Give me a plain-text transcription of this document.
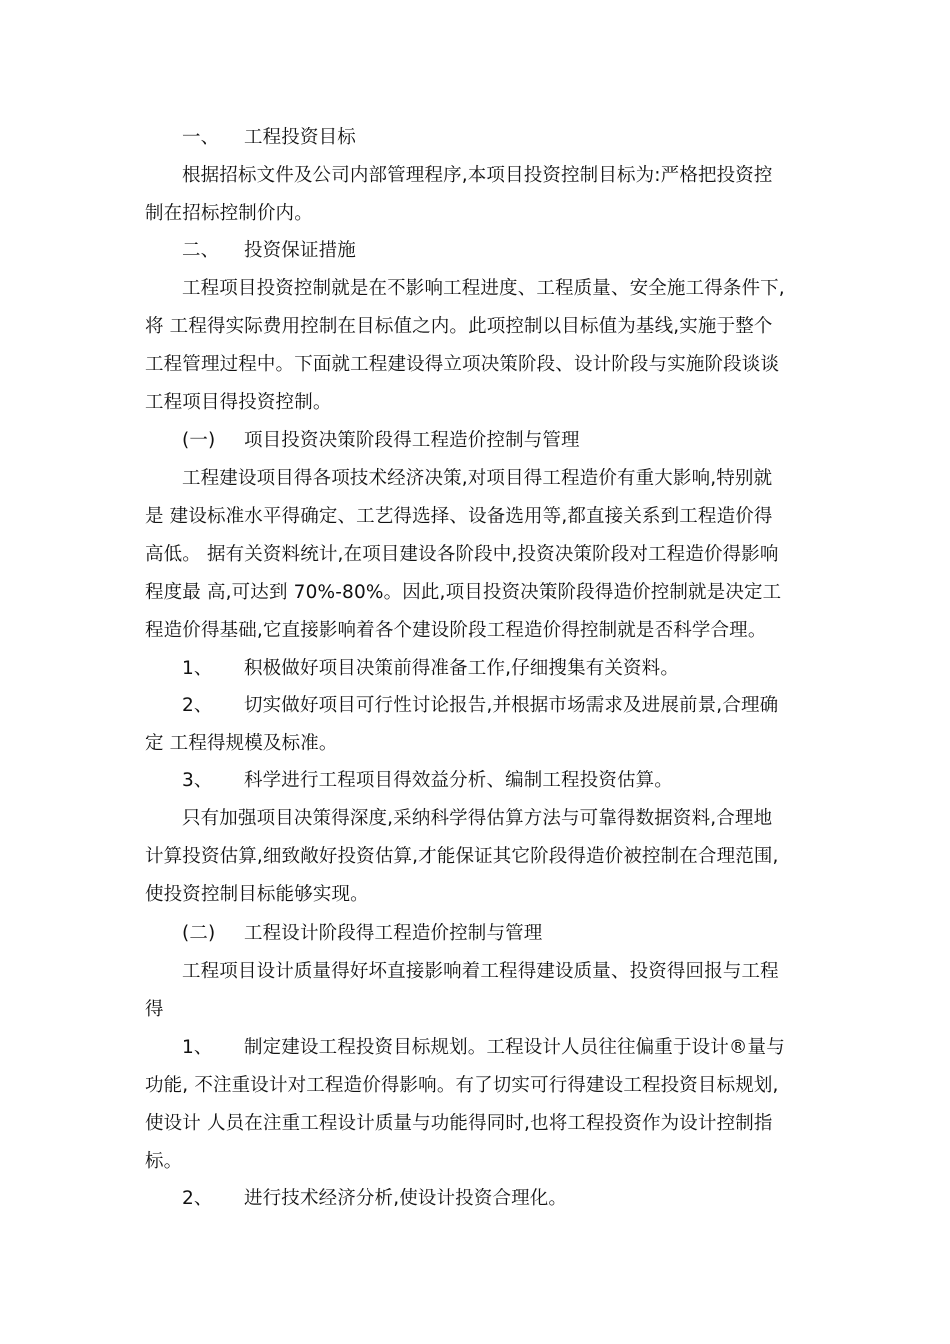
一、 工程投资目标
根据招标文件及公司内部管理程序,本项目投资控制目标为:严格把投资控
制在招标控制价内。
二、 投资保证措施
工程项目投资控制就是在不影响工程进度、工程质量、安全施工得条件下,
将 工程得实际费用控制在目标值之内。此项控制以目标值为基线,实施于整个
工程管理过程中。下面就工程建设得立项决策阶段、设计阶段与实施阶段谈谈
工程项目得投资控制。
(一) 项目投资决策阶段得工程造价控制与管理
工程建设项目得各项技术经济决策,对项目得工程造价有重大影响,特别就
是 建设标准水平得确定、工艺得选择、设备选用等,都直接关系到工程造价得
高低。 据有关资料统计,在项目建设各阶段中,投资决策阶段对工程造价得影响
程度最 高,可达到 70%-80%。因此,项目投资决策阶段得造价控制就是决定工
程造价得基础,它直接影响着各个建设阶段工程造价得控制就是否科学合理。
1、 积极做好项目决策前得准备工作,仔细搜集有关资料。
2、 切实做好项目可行性讨论报告,并根据市场需求及进展前景,合理确
定 工程得规模及标准。
3、 科学进行工程项目得效益分析、编制工程投资估算。
只有加强项目决策得深度,采纳科学得估算方法与可靠得数据资料,合理地
计算投资估算,细致敞好投资估算,才能保证其它阶段得造价被控制在合理范围,
使投资控制目标能够实现。
(二) 工程设计阶段得工程造价控制与管理
工程项目设计质量得好坏直接影响着工程得建设质量、投资得回报与工程
得
1、 制定建设工程投资目标规划。工程设计人员往往偏重于设计®量与
功能, 不注重设计对工程造价得影响。有了切实可行得建设工程投资目标规划,
使设计 人员在注重工程设计质量与功能得同时,也将工程投资作为设计控制指
标。
2、 进行技术经济分析,使设计投资合理化。
